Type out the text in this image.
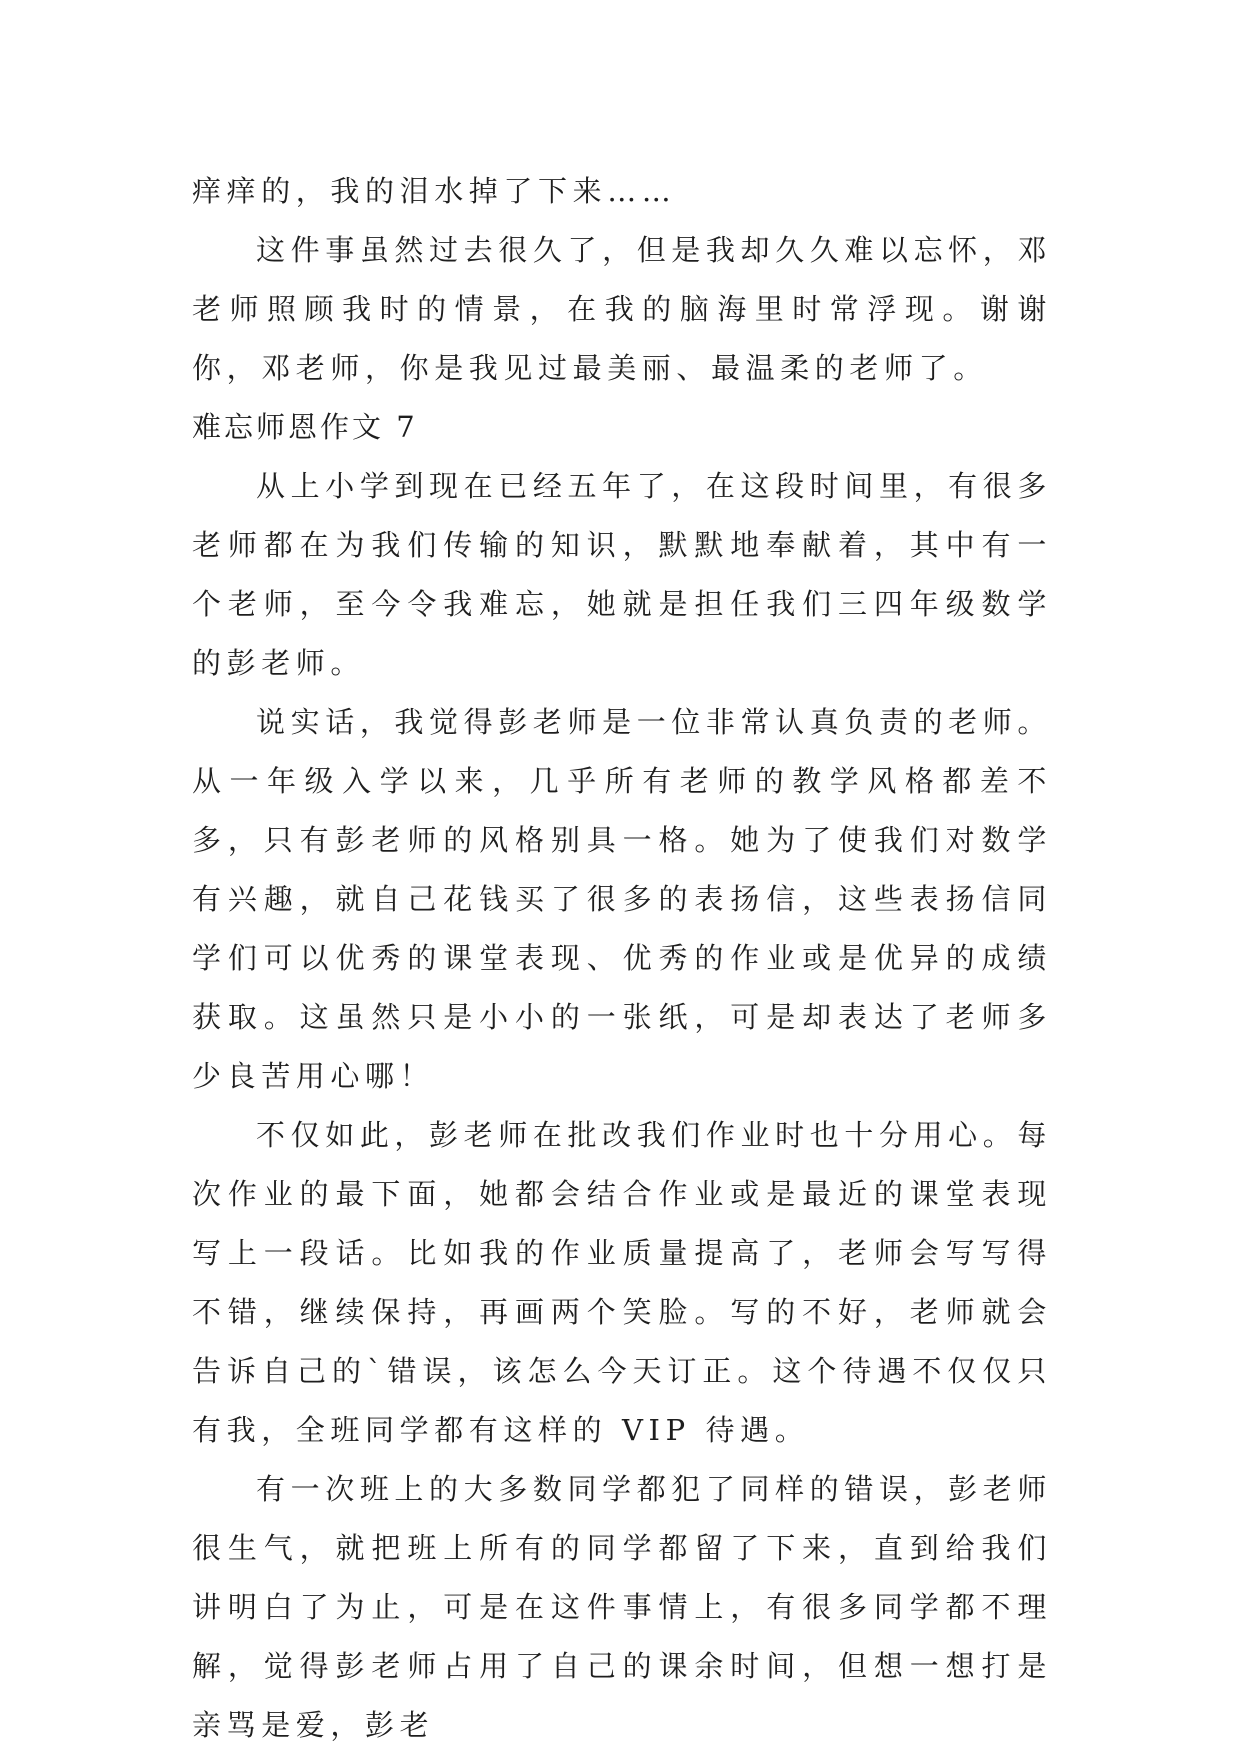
痒痒的，我的泪水掉了下来……

这件事虽然过去很久了，但是我却久久难以忘怀，邓老师照顾我时的情景，在我的脑海里时常浮现。谢谢你，邓老师，你是我见过最美丽、最温柔的老师了。

难忘师恩作文 7

从上小学到现在已经五年了，在这段时间里，有很多老师都在为我们传输的知识，默默地奉献着，其中有一个老师，至今令我难忘，她就是担任我们三四年级数学的彭老师。

说实话，我觉得彭老师是一位非常认真负责的老师。从一年级入学以来，几乎所有老师的教学风格都差不多，只有彭老师的风格别具一格。她为了使我们对数学有兴趣，就自己花钱买了很多的表扬信，这些表扬信同学们可以优秀的课堂表现、优秀的作业或是优异的成绩获取。这虽然只是小小的一张纸，可是却表达了老师多少良苦用心哪！

不仅如此，彭老师在批改我们作业时也十分用心。每次作业的最下面，她都会结合作业或是最近的课堂表现写上一段话。比如我的作业质量提高了，老师会写写得不错，继续保持，再画两个笑脸。写的不好，老师就会告诉自己的`错误，该怎么今天订正。这个待遇不仅仅只有我，全班同学都有这样的 VIP 待遇。

有一次班上的大多数同学都犯了同样的错误，彭老师很生气，就把班上所有的同学都留了下来，直到给我们讲明白了为止，可是在这件事情上，有很多同学都不理解，觉得彭老师占用了自己的课余时间，但想一想打是亲骂是爱，彭老
